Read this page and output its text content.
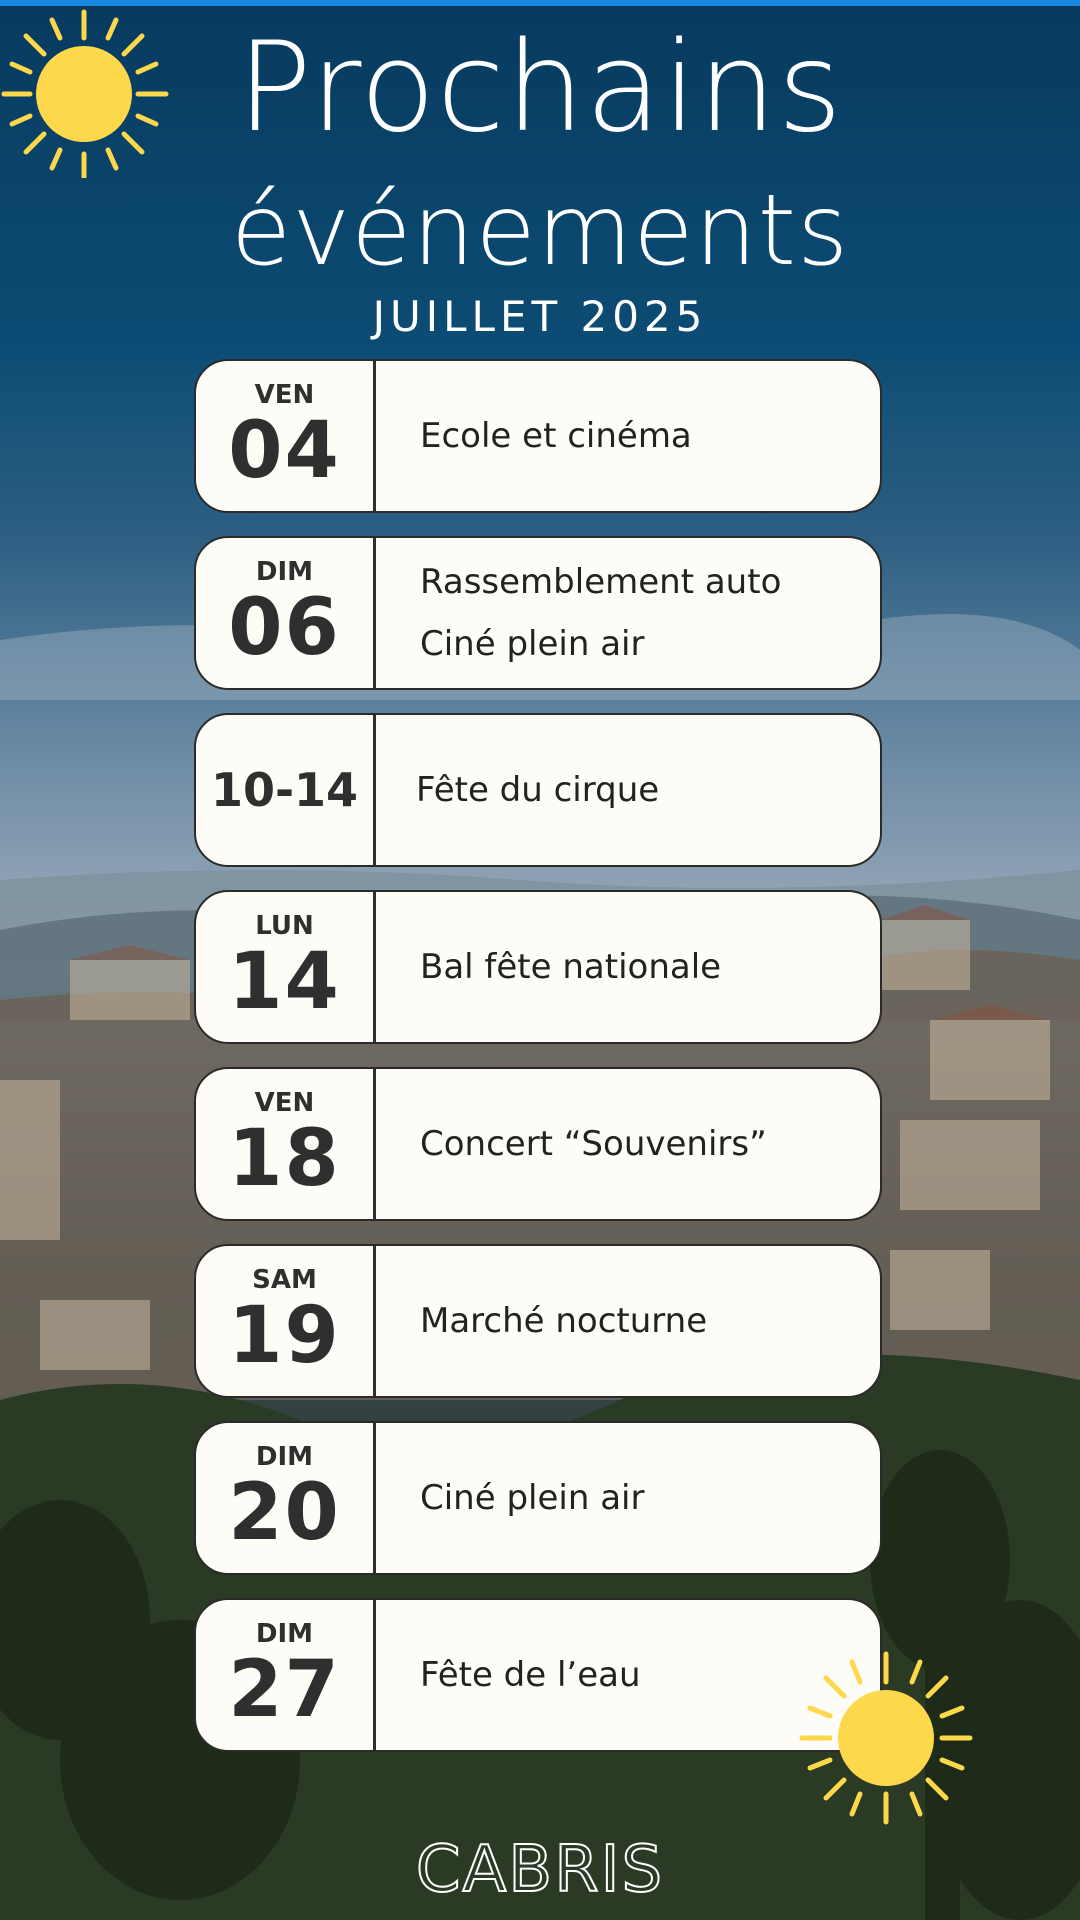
Prochains
événements
JUILLET 2025
VEN
04 Ecole et cinéma
DIM
06
Rassemblement auto
Ciné plein air
10-14 Fête du cirque
LUN
14 Bal fête nationale
VEN
18 Concert “Souvenirs”
SAM
19 Marché nocturne
DIM
20 Ciné plein air
DIM
27 Fête de l’eau
CABRIS
